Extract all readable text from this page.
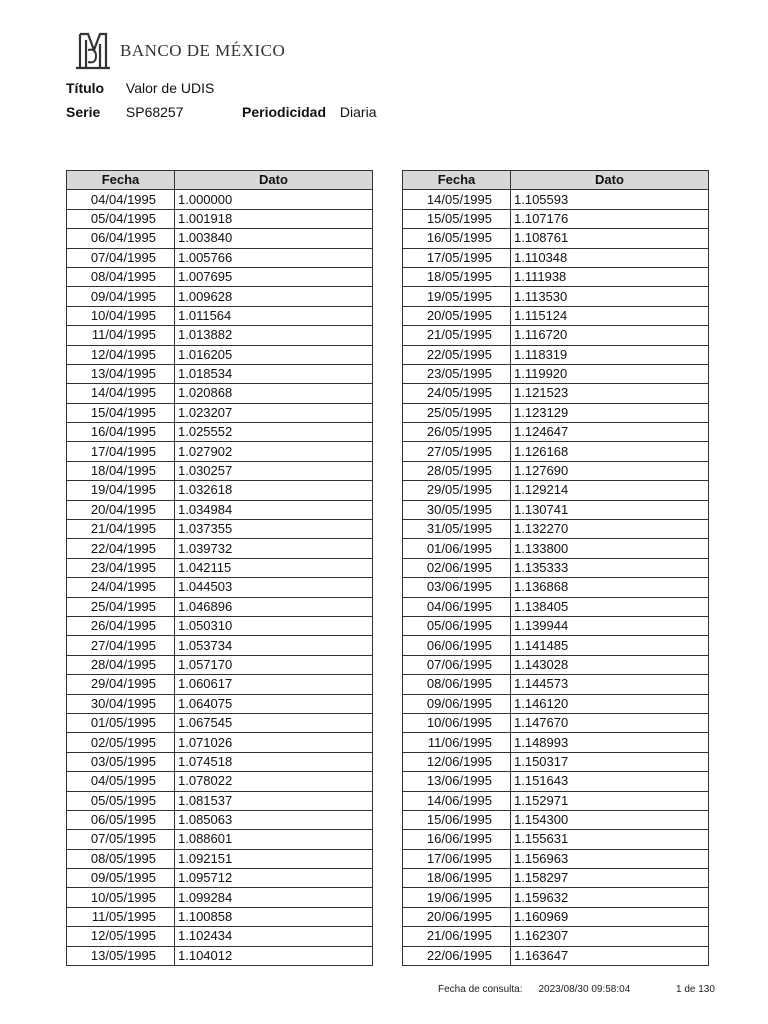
BANCO DE MÉXICO
Título Valor de UDIS
Serie SP68257	Periodicidad Diaria
Fecha	Dato
04/04/1995	1.000000
05/04/1995	1.001918
06/04/1995	1.003840
07/04/1995	1.005766
08/04/1995	1.007695
09/04/1995	1.009628
10/04/1995	1.011564
11/04/1995	1.013882
12/04/1995	1.016205
13/04/1995	1.018534
14/04/1995	1.020868
15/04/1995	1.023207
16/04/1995	1.025552
17/04/1995	1.027902
18/04/1995	1.030257
19/04/1995	1.032618
20/04/1995	1.034984
21/04/1995	1.037355
22/04/1995	1.039732
23/04/1995	1.042115
24/04/1995	1.044503
25/04/1995	1.046896
26/04/1995	1.050310
27/04/1995	1.053734
28/04/1995	1.057170
29/04/1995	1.060617
30/04/1995	1.064075
01/05/1995	1.067545
02/05/1995	1.071026
03/05/1995	1.074518
04/05/1995	1.078022
05/05/1995	1.081537
06/05/1995	1.085063
07/05/1995	1.088601
08/05/1995	1.092151
09/05/1995	1.095712
10/05/1995	1.099284
11/05/1995	1.100858
12/05/1995	1.102434
13/05/1995	1.104012
Fecha	Dato
14/05/1995	1.105593
15/05/1995	1.107176
16/05/1995	1.108761
17/05/1995	1.110348
18/05/1995	1.111938
19/05/1995	1.113530
20/05/1995	1.115124
21/05/1995	1.116720
22/05/1995	1.118319
23/05/1995	1.119920
24/05/1995	1.121523
25/05/1995	1.123129
26/05/1995	1.124647
27/05/1995	1.126168
28/05/1995	1.127690
29/05/1995	1.129214
30/05/1995	1.130741
31/05/1995	1.132270
01/06/1995	1.133800
02/06/1995	1.135333
03/06/1995	1.136868
04/06/1995	1.138405
05/06/1995	1.139944
06/06/1995	1.141485
07/06/1995	1.143028
08/06/1995	1.144573
09/06/1995	1.146120
10/06/1995	1.147670
11/06/1995	1.148993
12/06/1995	1.150317
13/06/1995	1.151643
14/06/1995	1.152971
15/06/1995	1.154300
16/06/1995	1.155631
17/06/1995	1.156963
18/06/1995	1.158297
19/06/1995	1.159632
20/06/1995	1.160969
21/06/1995	1.162307
22/06/1995	1.163647
Fecha de consulta: 2023/08/30 09:58:04	1 de 130
